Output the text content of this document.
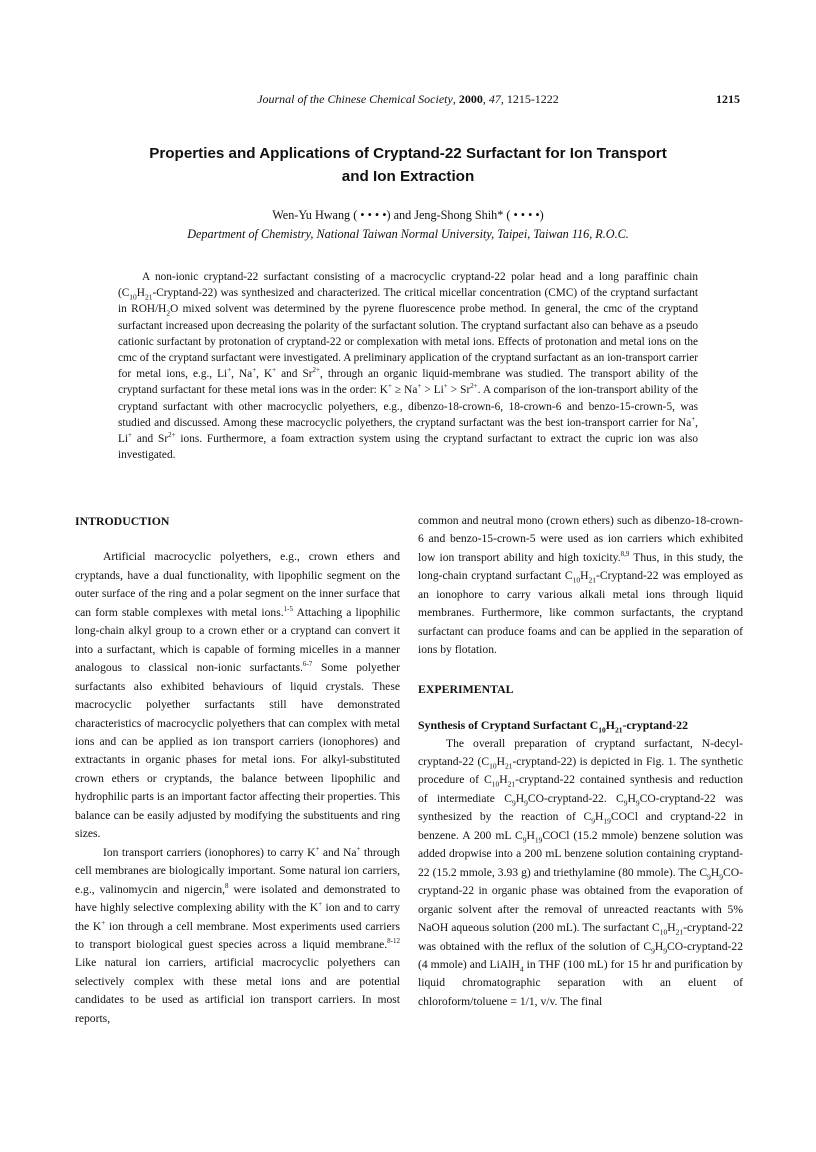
Journal of the Chinese Chemical Society, 2000, 47, 1215-1222	1215
Properties and Applications of Cryptand-22 Surfactant for Ion Transport
and Ion Extraction
Wen-Yu Hwang ( • • • •) and Jeng-Shong Shih* ( • • • •)
Department of Chemistry, National Taiwan Normal University, Taipei, Taiwan 116, R.O.C.

A non-ionic cryptand-22 surfactant consisting of a macrocyclic cryptand-22 polar head and a long paraffinic chain $(C_{10}H_{21}-Cryptand-22)$ was synthesized and characterized. The critical micellar concentration (CMC) of the cryptand surfactant in ROH/$H_2O$ mixed solvent was determined by the pyrene fluorescence probe method. In general, the cmc of the cryptand surfactant increased upon decreasing the polarity of the surfactant solution. The cryptand surfactant also can behave as a pseudo cationic surfactant by protonation of cryptand-22 or complexation with metal ions. Effects of protonation and metal ions on the cmc of the cryptand surfactant were investigated. A preliminary application of the cryptand surfactant as an ion-transport carrier for metal ions, e.g., Li+, Na+, K+ and $Sr^{2+}$, through an organic liquid-membrane was studied. The transport ability of the cryptand surfactant for these metal ions was in the order: $K^+ \ge Na^+ > Li^+ > Sr^{2+}$. A comparison of the ion-transport ability of the cryptand surfactant with other macrocyclic polyethers, e.g., dibenzo-18-crown-6, 18-crown-6 and benzo-15-crown-5, was studied and discussed. Among these macrocyclic polyethers, the cryptand surfactant was the best ion-transport carrier for Na+, Li+ and $Sr^{2+}$ ions. Furthermore, a foam extraction system using the cryptand surfactant to extract the cupric ion was also investigated.

INTRODUCTION

Artificial macrocyclic polyethers, e.g., crown ethers and cryptands, have a dual functionality, with lipophilic segment on the outer surface of the ring and a polar segment on the inner surface that can form stable complexes with metal ions.$^{1-5}$ Attaching a lipophilic long-chain alkyl group to a crown ether or a cryptand can convert it into a surfactant, which is capable of forming micelles in a manner analogous to classical non-ionic surfactants.$^{6-7}$ Some polyether surfactants also exhibited behaviours of liquid crystals. These macrocyclic polyether surfactants still have demonstrated characteristics of macrocyclic polyethers that can complex with metal ions and can be applied as ion transport carriers (ionophores) and extractants in organic phases for metal ions. For alkyl-substituted crown ethers or cryptands, the balance between lipophilic and hydrophilic parts is an important factor affecting their properties. This balance can be easily adjusted by modifying the substituents and ring sizes.

Ion transport carriers (ionophores) to carry K+ and Na+ through cell membranes are biologically important. Some natural ion carriers, e.g., valinomycin and nigercin,$^8$ were isolated and demonstrated to have highly selective complexing ability with the K+ ion and to carry the K+ ion through a cell membrane. Most experiments used carriers to transport biological guest species across a liquid membrane.$^{8-12}$ Like natural ion carriers, artificial macrocyclic polyethers can selectively complex with these metal ions and are potential candidates to be used as artificial ion transport carriers. In most reports,

common and neutral mono (crown ethers) such as dibenzo-18-crown-6 and benzo-15-crown-5 were used as ion carriers which exhibited low ion transport ability and high toxicity.$^{8,9}$ Thus, in this study, the long-chain cryptand surfactant $C_{10}H_{21}-Cryptand-22$ was employed as an ionophore to carry various alkali metal ions through liquid membranes. Furthermore, like common surfactants, the cryptand surfactant can produce foams and can be applied in the separation of ions by flotation.

EXPERIMENTAL

Synthesis of Cryptand Surfactant $C_{10}H_{21}-cryptand-22$

The overall preparation of cryptand surfactant, N-decyl-cryptand-22 $(C_{10}H_{21}-cryptand-22)$ is depicted in Fig. 1. The synthetic procedure of $C_{10}H_{21}-cryptand-22$ contained synthesis and reduction of intermediate $C_9H_9CO-cryptand-22$. $C_9H_9CO-cryptand-22$ was synthesized by the reaction of $C_9H_{19}COCl$ and cryptand-22 in benzene. A 200 mL $C_9H_{19}COCl$ (15.2 mmole) benzene solution was added dropwise into a 200 mL benzene solution containing cryptand-22 (15.2 mmole, 3.93 g) and triethylamine (80 mmole). The $C_9H_9CO-cryptand-22$ in organic phase was obtained from the evaporation of organic solvent after the removal of unreacted reactants with 5% NaOH aqueous solution (200 mL). The surfactant $C_{10}H_{21}-cryptand-22$ was obtained with the reflux of the solution of $C_9H_9CO-cryptand-22$ (4 mmole) and LiAlH$_4$ in THF (100 mL) for 15 hr and purification by liquid chromatographic separation with an eluent of chloroform/toluene = 1/1, v/v. The final
